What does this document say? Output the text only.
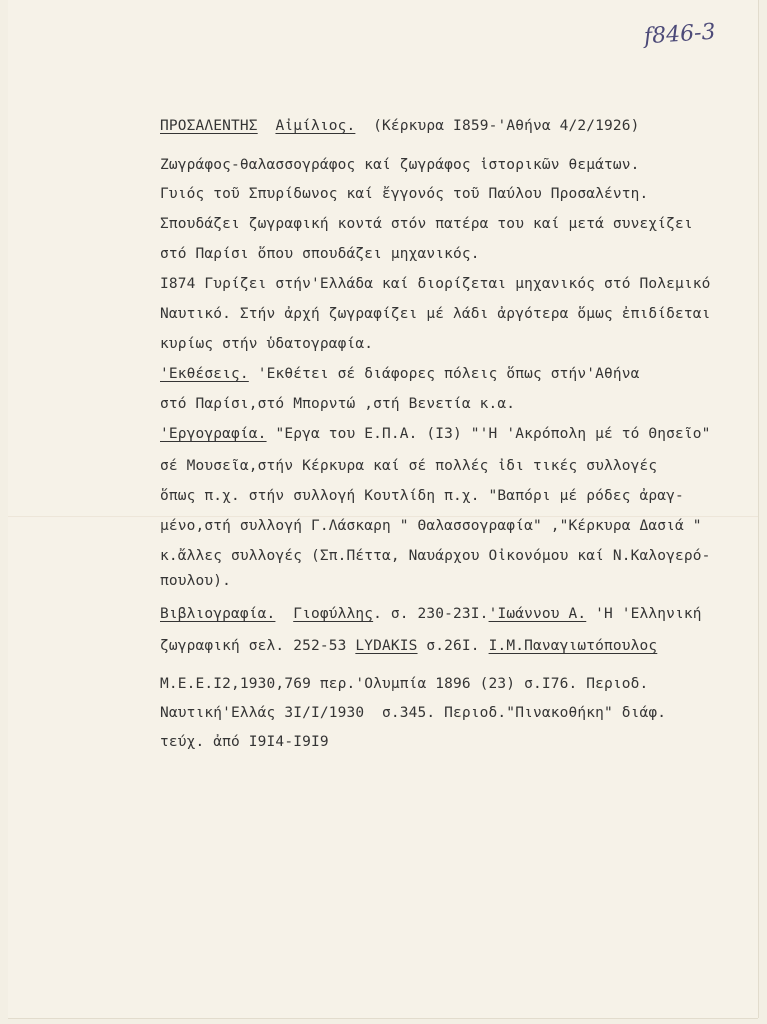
f846-3
ΠΡΟΣΑΛΕΝΤΗΣ Αἰμίλιος. (Κέρκυρα Ι859-'Αθήνα 4/2/1926)
Ζωγράφος-θαλασσογράφος καί ζωγράφος ἱστορικῶν θεμάτων.
Γυιός τοῦ Σπυρίδωνος καί ἔγγονός τοῦ Παύλου Προσαλέντη.
Σπουδάζει ζωγραφική κοντά στόν πατέρα του καί μετά συνεχίζει
στό Παρίσι ὅπου σπουδάζει μηχανικός.
Ι874 Γυρίζει στήν'Ελλάδα καί διορίζεται μηχανικός στό Πολεμικό
Ναυτικό. Στήν ἀρχή ζωγραφίζει μέ λάδι ἀργότερα ὅμως ἐπιδίδεται
κυρίως στήν ὑδατογραφία.
'Εκθέσεις. 'Εκθέτει σέ διάφορες πόλεις ὅπως στήν'Αθήνα
στό Παρίσι,στό Μπορντώ ,στή Βενετία κ.α.
'Εργογραφία. "Εργα του Ε.Π.Α. (Ι3) "'Η 'Ακρόπολη μέ τό Θησεῖο"
σέ Μουσεῖα,στήν Κέρκυρα καί σέ πολλές ἰδι τικές συλλογές
ὅπως π.χ. στήν συλλογή Κουτλίδη π.χ. "Βαπόρι μέ ρόδες ἀραγ-
μένο,στή συλλογή Γ.Λάσκαρη " Θαλασσογραφία" ,"Κέρκυρα Δασιά "
κ.ἄλλες συλλογές (Σπ.Πέττα, Ναυάρχου Οἰκονόμου καί Ν.Καλογερό-
πουλου).
Βιβλιογραφία. Γιοφύλλης. σ. 230-23Ι.'Ιωάννου Α. 'Η 'Ελληνική
ζωγραφική σελ. 252-53 LYDAKIS σ.26Ι. Ι.Μ.Παναγιωτόπουλος
Μ.Ε.Ε.Ι2,1930,769 περ.'Ολυμπία 1896 (23) σ.Ι76. Περιοδ.
Ναυτική'Ελλάς 3Ι/Ι/1930  σ.345. Περιοδ."Πινακοθήκη" διάφ.
τεύχ. ἀπό Ι9Ι4-Ι9Ι9
